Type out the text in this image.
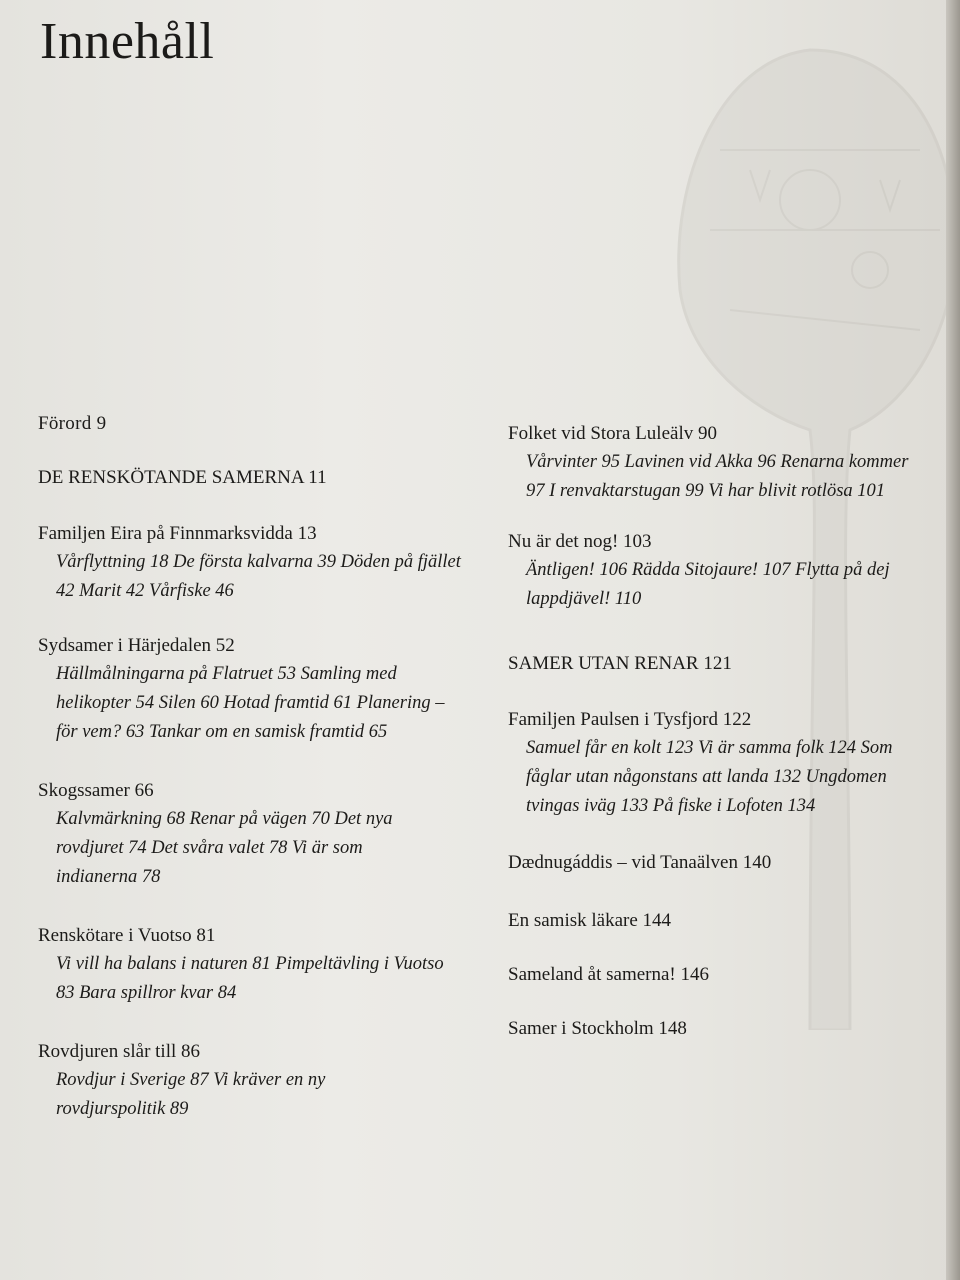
Innehåll
Förord 9
DE RENSKÖTANDE SAMERNA 11
Familjen Eira på Finnmarksvidda 13
Vårflyttning 18 De första kalvarna 39 Döden på fjället 42 Marit 42 Vårfiske 46
Sydsamer i Härjedalen 52
Hällmålningarna på Flatruet 53 Samling med helikopter 54 Silen 60 Hotad framtid 61 Planering – för vem? 63 Tankar om en samisk framtid 65
Skogssamer 66
Kalvmärkning 68 Renar på vägen 70 Det nya rovdjuret 74 Det svåra valet 78 Vi är som indianerna 78
Renskötare i Vuotso 81
Vi vill ha balans i naturen 81 Pimpeltävling i Vuotso 83 Bara spillror kvar 84
Rovdjuren slår till 86
Rovdjur i Sverige 87 Vi kräver en ny rovdjurspolitik 89
Folket vid Stora Luleälv 90
Vårvinter 95 Lavinen vid Akka 96 Renarna kommer 97 I renvaktarstugan 99 Vi har blivit rotlösa 101
Nu är det nog! 103
Äntligen! 106 Rädda Sitojaure! 107 Flytta på dej lappdjävel! 110
SAMER UTAN RENAR 121
Familjen Paulsen i Tysfjord 122
Samuel får en kolt 123 Vi är samma folk 124 Som fåglar utan någonstans att landa 132 Ungdomen tvingas iväg 133 På fiske i Lofoten 134
Dædnugáddis – vid Tanaälven 140
En samisk läkare 144
Sameland åt samerna! 146
Samer i Stockholm 148
